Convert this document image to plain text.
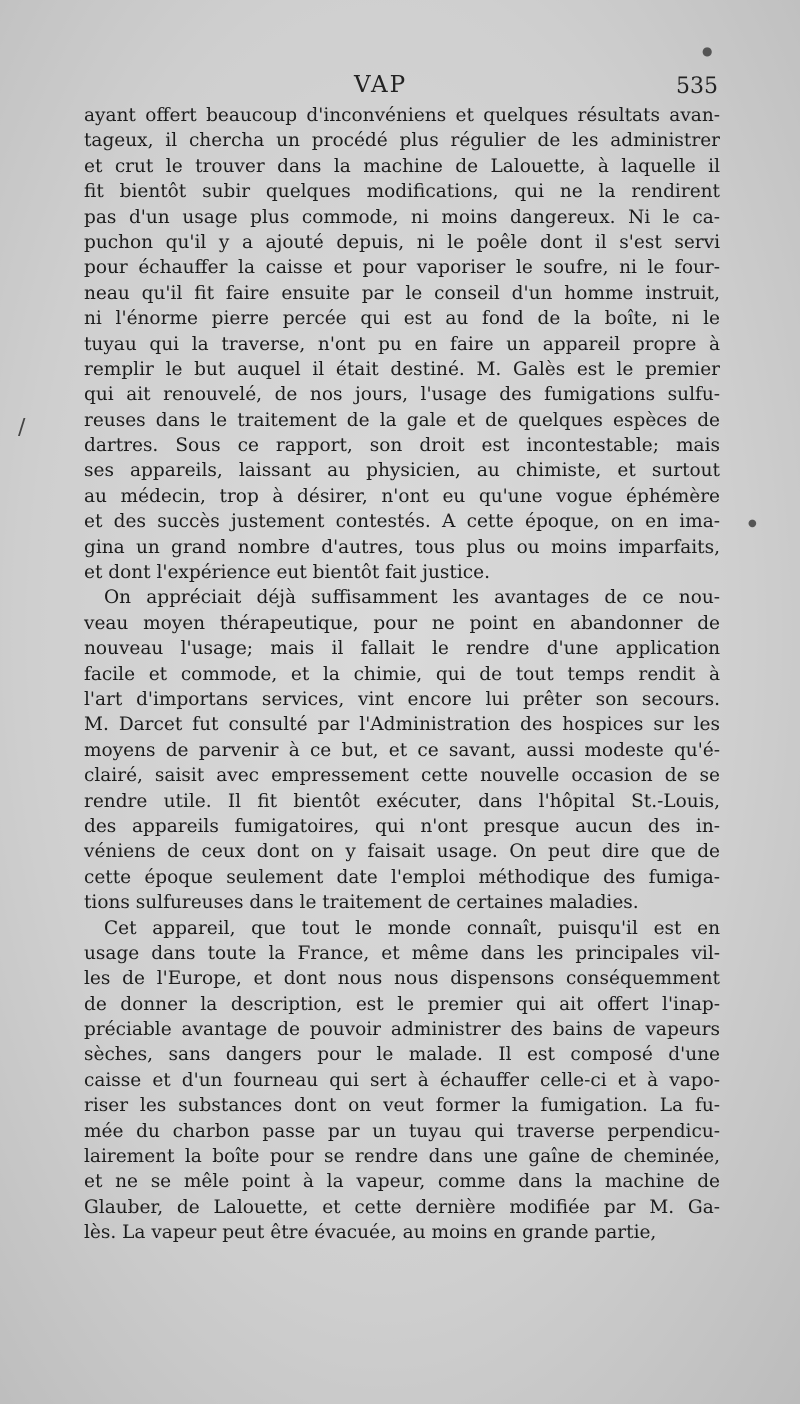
VAP	535
●
∕
●
ayant offert beaucoup d'inconvéniens et quelques résultats avan-
tageux, il chercha un procédé plus régulier de les administrer
et crut le trouver dans la machine de Lalouette, à laquelle il
fit bientôt subir quelques modifications, qui ne la rendirent
pas d'un usage plus commode, ni moins dangereux. Ni le ca-
puchon qu'il y a ajouté depuis, ni le poêle dont il s'est servi
pour échauffer la caisse et pour vaporiser le soufre, ni le four-
neau qu'il fit faire ensuite par le conseil d'un homme instruit,
ni l'énorme pierre percée qui est au fond de la boîte, ni le
tuyau qui la traverse, n'ont pu en faire un appareil propre à
remplir le but auquel il était destiné. M. Galès est le premier
qui ait renouvelé, de nos jours, l'usage des fumigations sulfu-
reuses dans le traitement de la gale et de quelques espèces de
dartres. Sous ce rapport, son droit est incontestable; mais
ses appareils, laissant au physicien, au chimiste, et surtout
au médecin, trop à désirer, n'ont eu qu'une vogue éphémère
et des succès justement contestés. A cette époque, on en ima-
gina un grand nombre d'autres, tous plus ou moins imparfaits,
et dont l'expérience eut bientôt fait justice.
On appréciait déjà suffisamment les avantages de ce nou-
veau moyen thérapeutique, pour ne point en abandonner de
nouveau l'usage; mais il fallait le rendre d'une application
facile et commode, et la chimie, qui de tout temps rendit à
l'art d'importans services, vint encore lui prêter son secours.
M. Darcet fut consulté par l'Administration des hospices sur les
moyens de parvenir à ce but, et ce savant, aussi modeste qu'é-
clairé, saisit avec empressement cette nouvelle occasion de se
rendre utile. Il fit bientôt exécuter, dans l'hôpital St.-Louis,
des appareils fumigatoires, qui n'ont presque aucun des in-
véniens de ceux dont on y faisait usage. On peut dire que de
cette époque seulement date l'emploi méthodique des fumiga-
tions sulfureuses dans le traitement de certaines maladies.
Cet appareil, que tout le monde connaît, puisqu'il est en
usage dans toute la France, et même dans les principales vil-
les de l'Europe, et dont nous nous dispensons conséquemment
de donner la description, est le premier qui ait offert l'inap-
préciable avantage de pouvoir administrer des bains de vapeurs
sèches, sans dangers pour le malade. Il est composé d'une
caisse et d'un fourneau qui sert à échauffer celle-ci et à vapo-
riser les substances dont on veut former la fumigation. La fu-
mée du charbon passe par un tuyau qui traverse perpendicu-
lairement la boîte pour se rendre dans une gaîne de cheminée,
et ne se mêle point à la vapeur, comme dans la machine de
Glauber, de Lalouette, et cette dernière modifiée par M. Ga-
lès. La vapeur peut être évacuée, au moins en grande partie,
